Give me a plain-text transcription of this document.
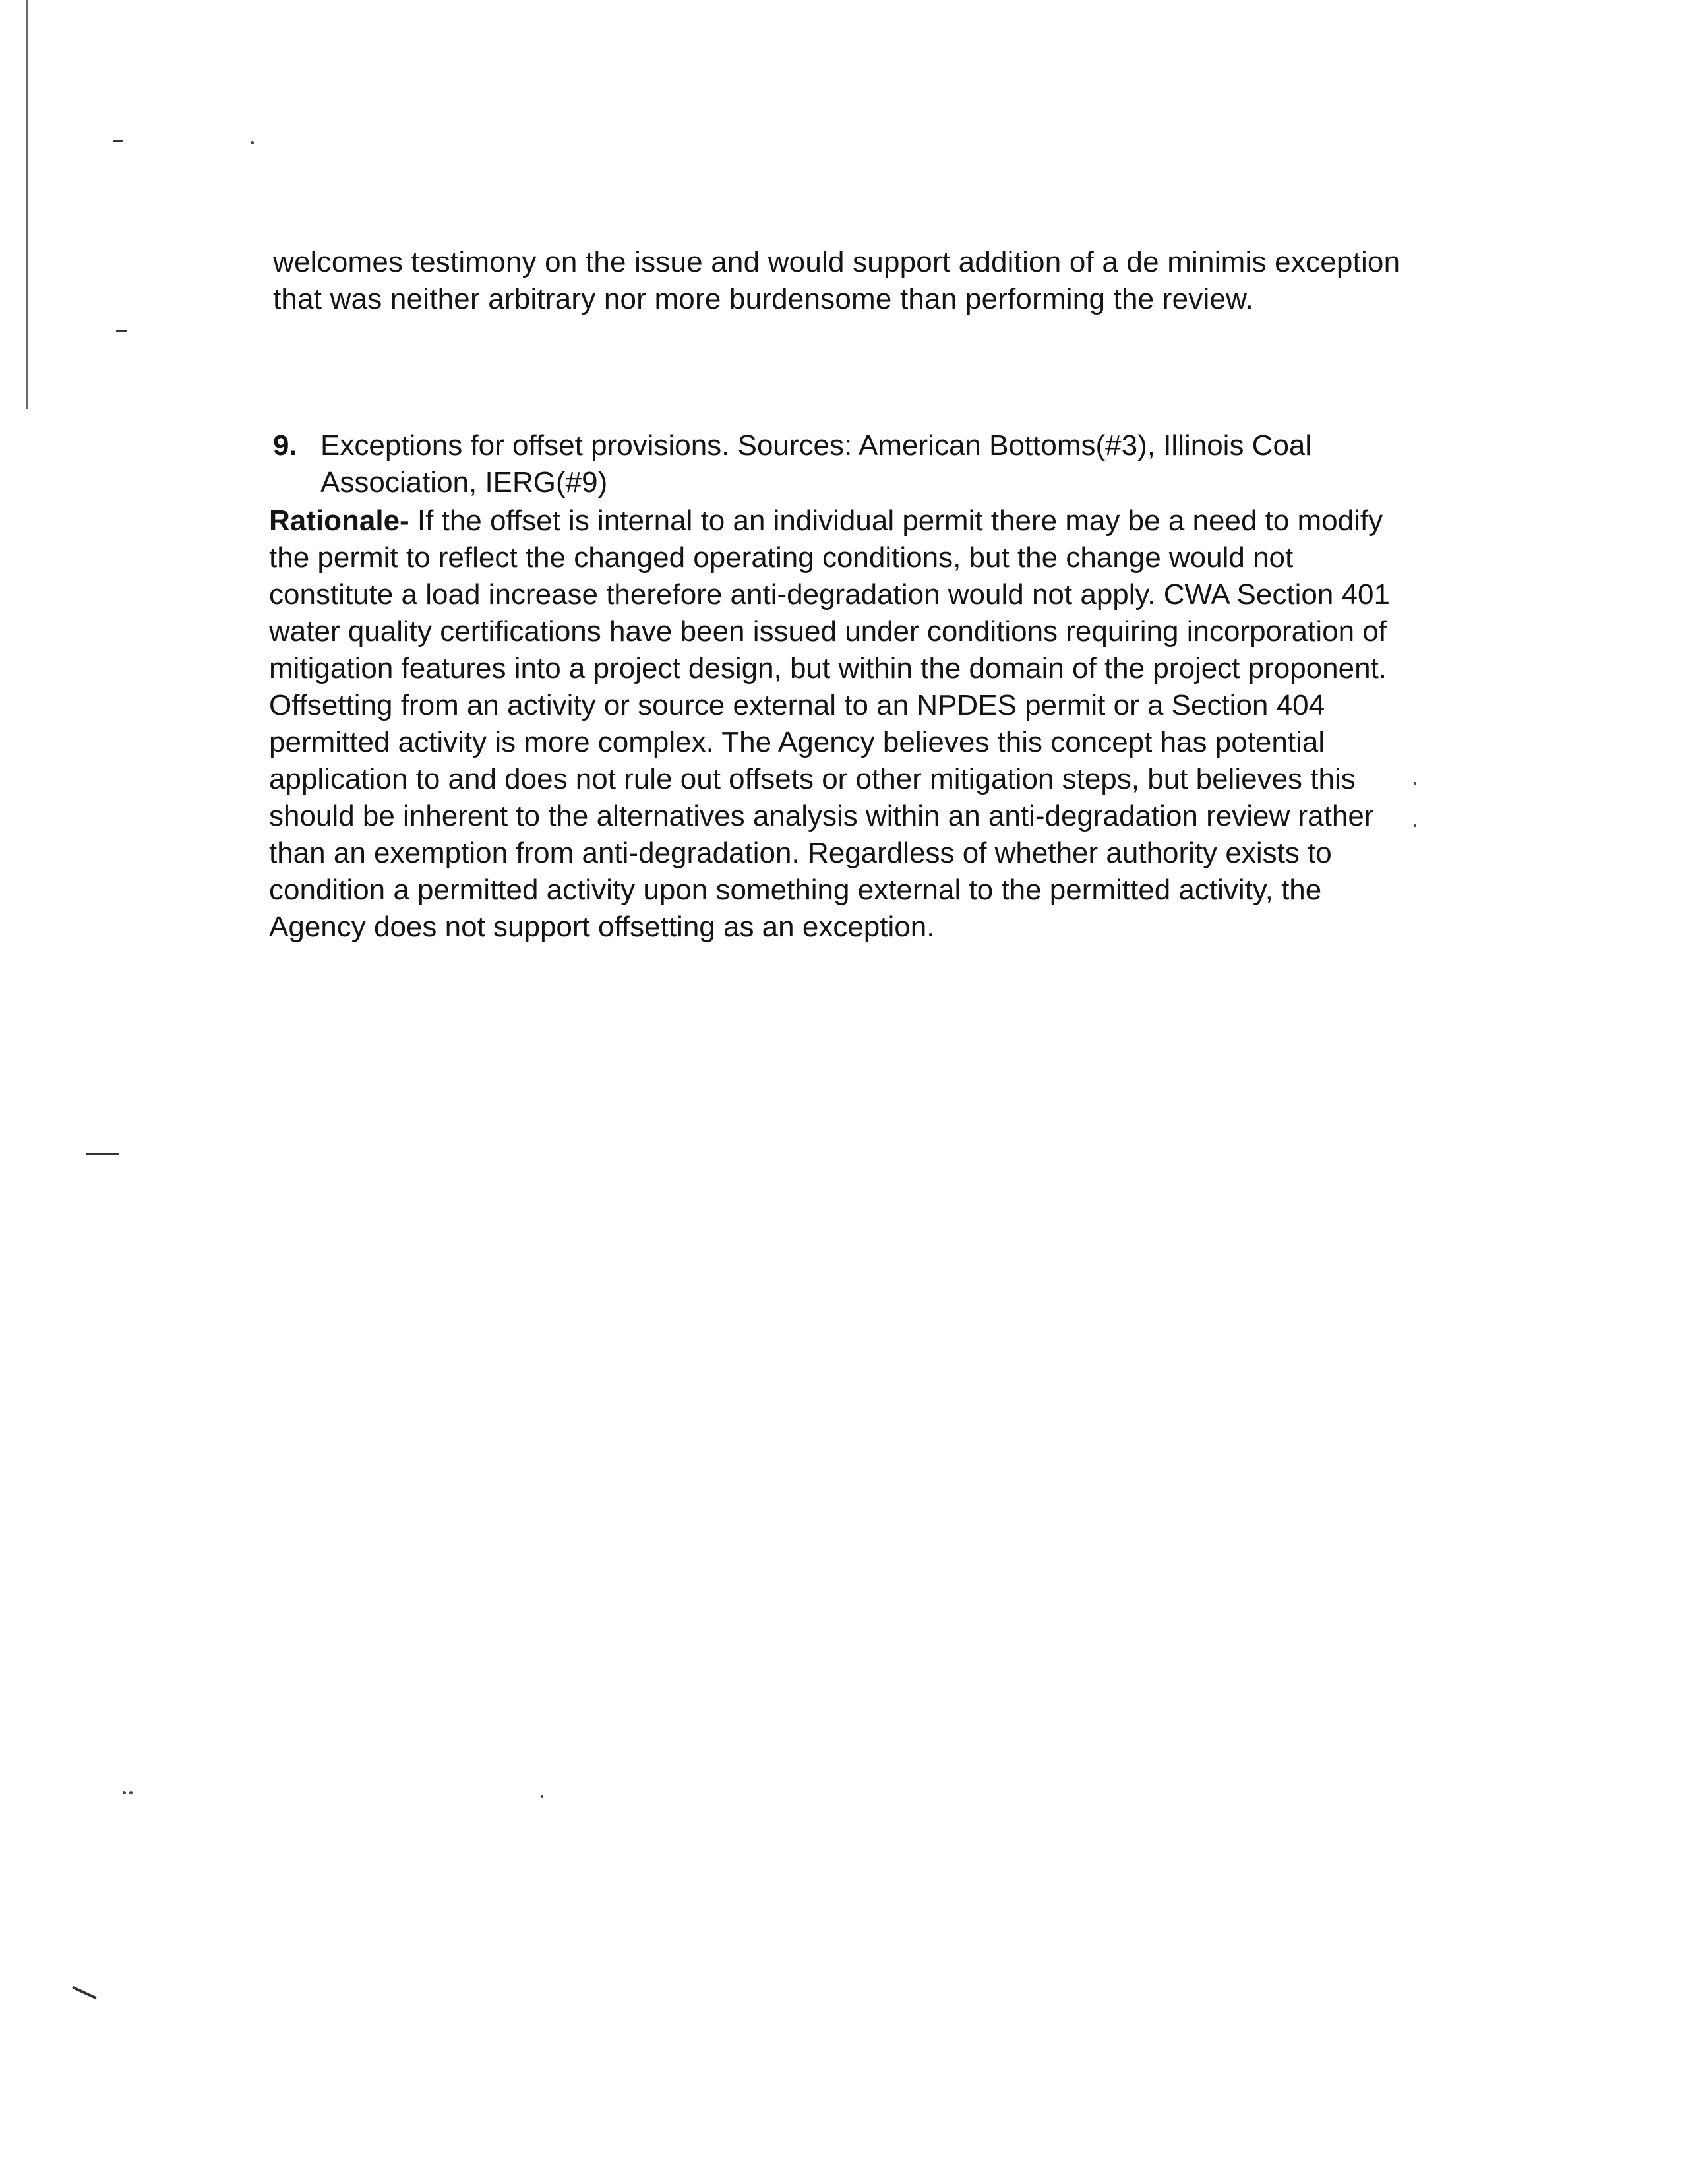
welcomes testimony on the issue and would support addition of a de minimis exception that was neither arbitrary nor more burdensome than performing the review.
9. Exceptions for offset provisions. Sources: American Bottoms(#3), Illinois Coal Association, IERG(#9)
Rationale- If the offset is internal to an individual permit there may be a need to modify the permit to reflect the changed operating conditions, but the change would not constitute a load increase therefore anti-degradation would not apply. CWA Section 401 water quality certifications have been issued under conditions requiring incorporation of mitigation features into a project design, but within the domain of the project proponent. Offsetting from an activity or source external to an NPDES permit or a Section 404 permitted activity is more complex. The Agency believes this concept has potential application to and does not rule out offsets or other mitigation steps, but believes this should be inherent to the alternatives analysis within an anti-degradation review rather than an exemption from anti-degradation. Regardless of whether authority exists to condition a permitted activity upon something external to the permitted activity, the Agency does not support offsetting as an exception.
